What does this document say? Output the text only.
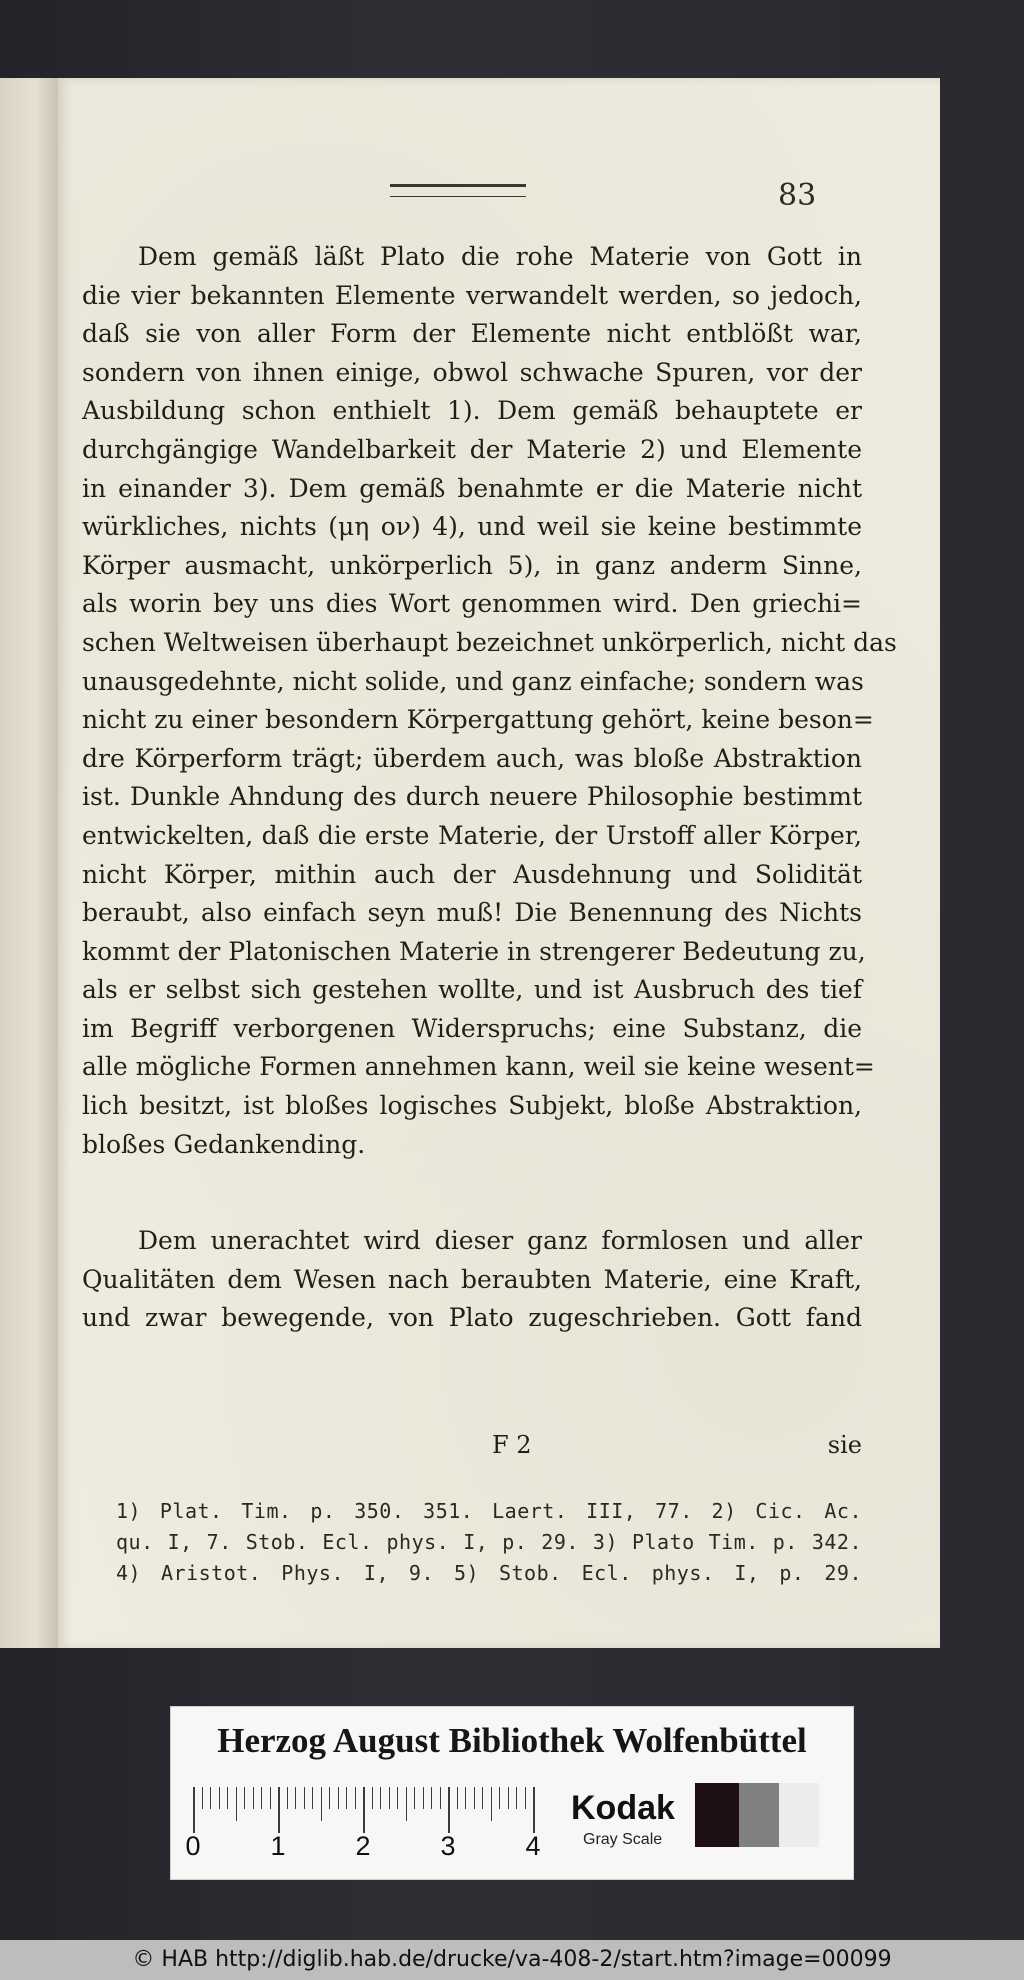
83
Dem gemäß läßt Plato die rohe Materie von Gott in
die vier bekannten Elemente verwandelt werden, so jedoch,
daß sie von aller Form der Elemente nicht entblößt war,
sondern von ihnen einige, obwol schwache Spuren, vor der
Ausbildung schon enthielt 1). Dem gemäß behauptete er
durchgängige Wandelbarkeit der Materie 2) und Elemente
in einander 3). Dem gemäß benahmte er die Materie nicht
würkliches, nichts (μη ον) 4), und weil sie keine bestimmte
Körper ausmacht, unkörperlich 5), in ganz anderm Sinne,
als worin bey uns dies Wort genommen wird. Den griechi=
schen Weltweisen überhaupt bezeichnet unkörperlich, nicht das
unausgedehnte, nicht solide, und ganz einfache; sondern was
nicht zu einer besondern Körpergattung gehört, keine beson=
dre Körperform trägt; überdem auch, was bloße Abstraktion
ist. Dunkle Ahndung des durch neuere Philosophie bestimmt
entwickelten, daß die erste Materie, der Urstoff aller Körper,
nicht Körper, mithin auch der Ausdehnung und Solidität
beraubt, also einfach seyn muß! Die Benennung des Nichts
kommt der Platonischen Materie in strengerer Bedeutung zu,
als er selbst sich gestehen wollte, und ist Ausbruch des tief
im Begriff verborgenen Widerspruchs; eine Substanz, die
alle mögliche Formen annehmen kann, weil sie keine wesent=
lich besitzt, ist bloßes logisches Subjekt, bloße Abstraktion,
bloßes Gedankending.
Dem unerachtet wird dieser ganz formlosen und aller
Qualitäten dem Wesen nach beraubten Materie, eine Kraft,
und zwar bewegende, von Plato zugeschrieben. Gott fand
F 2	sie
1) Plat. Tim. p. 350. 351. Laert. III, 77. 2) Cic. Ac.
qu. I, 7. Stob. Ecl. phys. I, p. 29. 3) Plato Tim. p. 342.
4) Aristot. Phys. I, 9. 5) Stob. Ecl. phys. I, p. 29.
Herzog August Bibliothek Wolfenbüttel
0	1	2	3	4
Kodak
Gray Scale
© HAB http://diglib.hab.de/drucke/va-408-2/start.htm?image=00099
